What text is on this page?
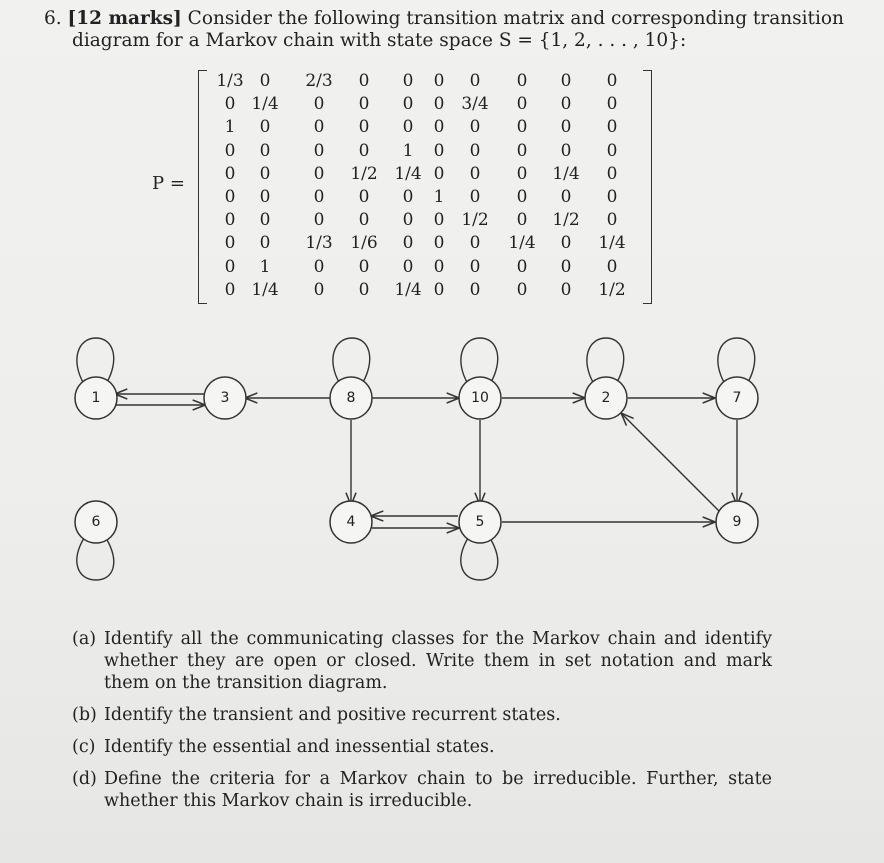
6. [12 marks] Consider the following transition matrix and corresponding transition
diagram for a Markov chain with state space S = {1, 2, . . . , 10}:
P =
1/3 0 2/3 0 0 0 0 0 0 0
0 1/4 0 0 0 0 3/4 0 0 0
1 0	0 0 0 0 0 0 0 0
0 0	0 0 1 0 0 0 0 0
0 0	0 1/2 1/4 0 0 0 1/4 0
0 0	0 0 0 1 0 0 0 0
0 0	0 0 0 0 1/2 0 1/2 0
0 0 1/3 1/6 0 0 0 1/4 0 1/4
0 1	0 0 0 0 0 0 0 0
0 1/4 0 0 1/4 0 0 0 0 1/2
1	3	8	10	2	7
6	4	5	9
(a) Identify all the communicating classes for the Markov chain and identify whether they are open or closed. Write them in set notation and mark them on the transition diagram.
(b) Identify the transient and positive recurrent states.
(c) Identify the essential and inessential states.
(d) Define the criteria for a Markov chain to be irreducible. Further, state whether this Markov chain is irreducible.
